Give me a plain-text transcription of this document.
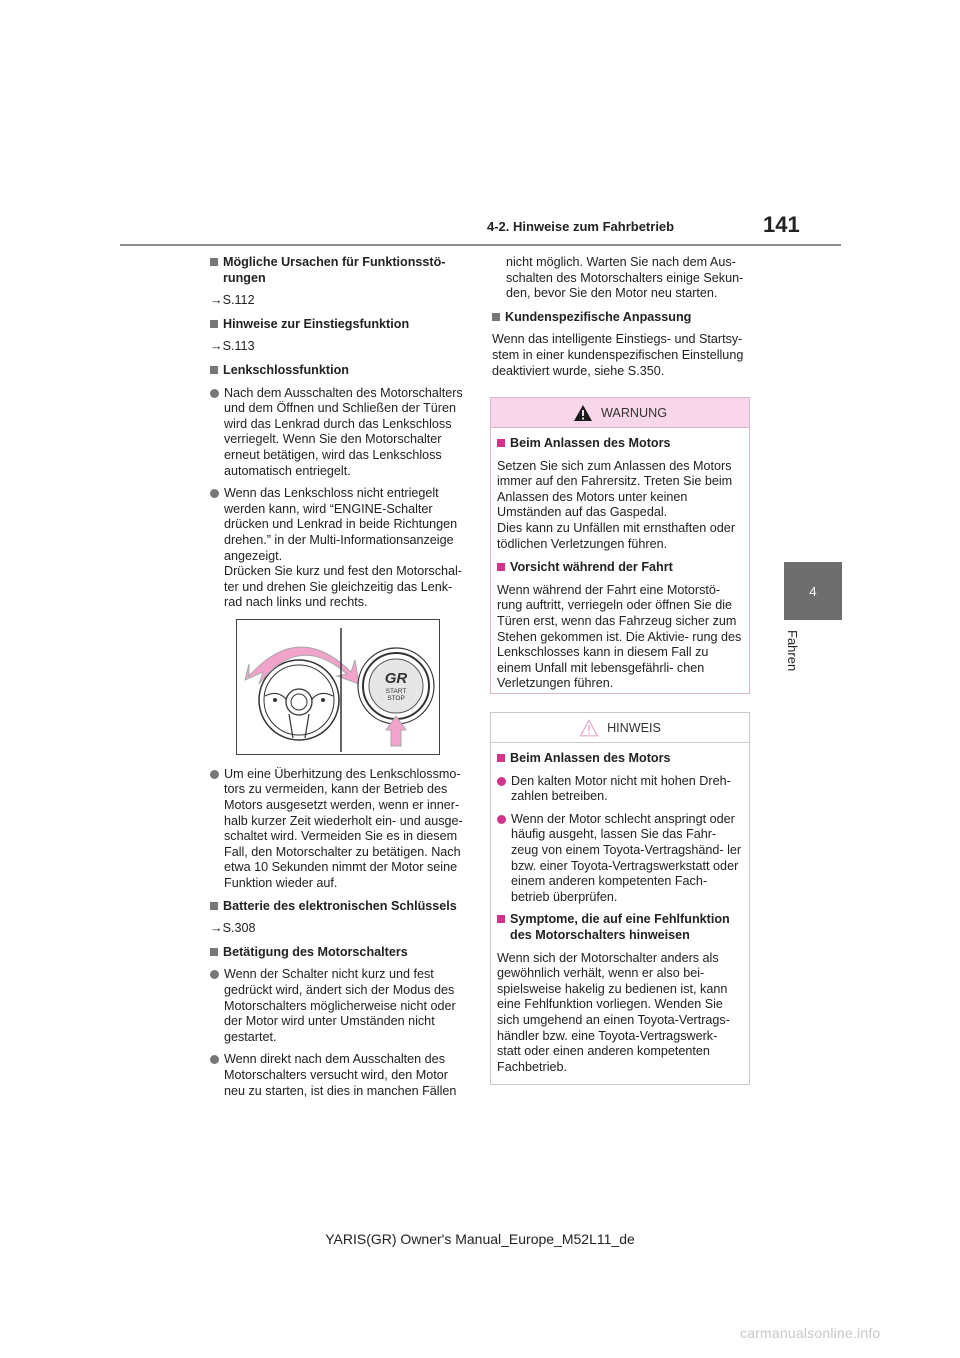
4-2. Hinweise zum Fahrbetrieb	141
4
Fahren
Mögliche Ursachen für Funktionsstö- rungen
→S.112
Hinweise zur Einstiegsfunktion
→S.113
Lenkschlossfunktion
Nach dem Ausschalten des Motorschalters und dem Öffnen und Schließen der Türen wird das Lenkrad durch das Lenkschloss verriegelt. Wenn Sie den Motorschalter erneut betätigen, wird das Lenkschloss automatisch entriegelt.
Wenn das Lenkschloss nicht entriegelt werden kann, wird “ENGINE-Schalter drücken und Lenkrad in beide Richtungen drehen.” in der Multi-Informationsanzeige angezeigt.
Drücken Sie kurz und fest den Motorschal- ter und drehen Sie gleichzeitig das Lenk- rad nach links und rechts.
GR
START
STOP
Um eine Überhitzung des Lenkschlossmo- tors zu vermeiden, kann der Betrieb des Motors ausgesetzt werden, wenn er inner- halb kurzer Zeit wiederholt ein- und ausge- schaltet wird. Vermeiden Sie es in diesem Fall, den Motorschalter zu betätigen. Nach etwa 10 Sekunden nimmt der Motor seine Funktion wieder auf.
Batterie des elektronischen Schlüssels
→S.308
Betätigung des Motorschalters
Wenn der Schalter nicht kurz und fest gedrückt wird, ändert sich der Modus des Motorschalters möglicherweise nicht oder der Motor wird unter Umständen nicht gestartet.
Wenn direkt nach dem Ausschalten des Motorschalters versucht wird, den Motor neu zu starten, ist dies in manchen Fällen
nicht möglich. Warten Sie nach dem Aus- schalten des Motorschalters einige Sekun- den, bevor Sie den Motor neu starten.
Kundenspezifische Anpassung
Wenn das intelligente Einstiegs- und Startsy- stem in einer kundenspezifischen Einstellung deaktiviert wurde, siehe S.350.
WARNUNG
Beim Anlassen des Motors
Setzen Sie sich zum Anlassen des Motors immer auf den Fahrersitz. Treten Sie beim Anlassen des Motors unter keinen Umständen auf das Gaspedal.
Dies kann zu Unfällen mit ernsthaften oder tödlichen Verletzungen führen.
Vorsicht während der Fahrt
Wenn während der Fahrt eine Motorstö- rung auftritt, verriegeln oder öffnen Sie die Türen erst, wenn das Fahrzeug sicher zum Stehen gekommen ist. Die Aktivie- rung des Lenkschlosses kann in diesem Fall zu einem Unfall mit lebensgefährli- chen Verletzungen führen.
HINWEIS
Beim Anlassen des Motors
Den kalten Motor nicht mit hohen Dreh- zahlen betreiben.
Wenn der Motor schlecht anspringt oder häufig ausgeht, lassen Sie das Fahr- zeug von einem Toyota-Vertragshänd- ler bzw. einer Toyota-Vertragswerkstatt oder einem anderen kompetenten Fach- betrieb überprüfen.
Symptome, die auf eine Fehlfunktion des Motorschalters hinweisen
Wenn sich der Motorschalter anders als gewöhnlich verhält, wenn er also bei- spielsweise hakelig zu bedienen ist, kann eine Fehlfunktion vorliegen. Wenden Sie sich umgehend an einen Toyota-Vertrags- händler bzw. eine Toyota-Vertragswerk- statt oder einen anderen kompetenten Fachbetrieb.
YARIS(GR) Owner's Manual_Europe_M52L11_de
carmanualsonline.info
